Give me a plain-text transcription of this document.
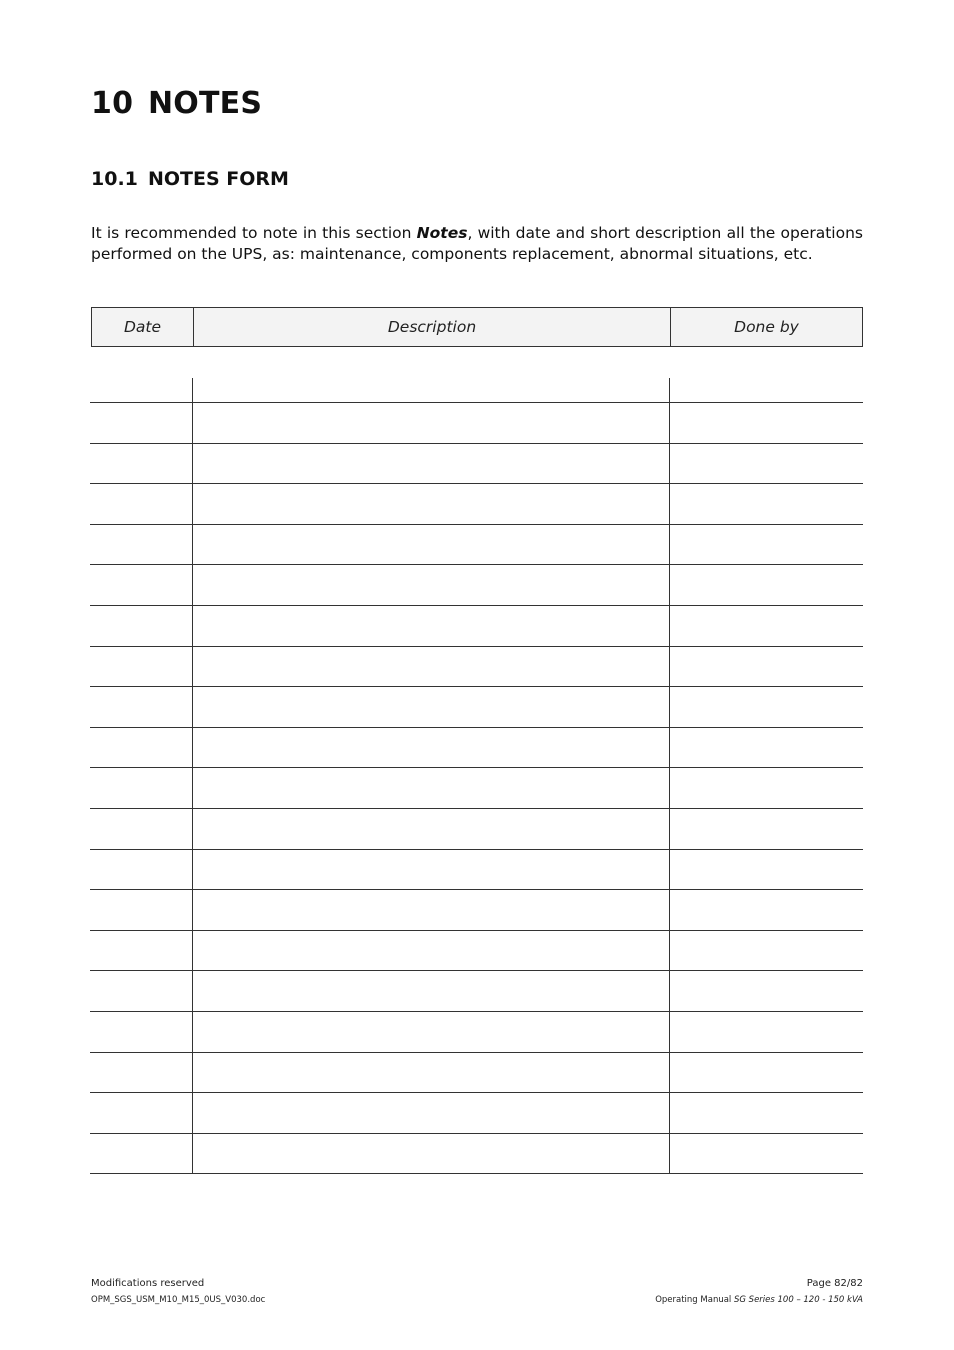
10 NOTES
10.1 NOTES FORM

It is recommended to note in this section Notes, with date and short description all the operations performed on the UPS, as: maintenance, components replacement, abnormal situations, etc.

Date	Description	Done by
Modifications reserved
OPM_SGS_USM_M10_M15_0US_V030.doc
Page 82/82
Operating Manual SG Series 100 – 120 - 150 kVA
